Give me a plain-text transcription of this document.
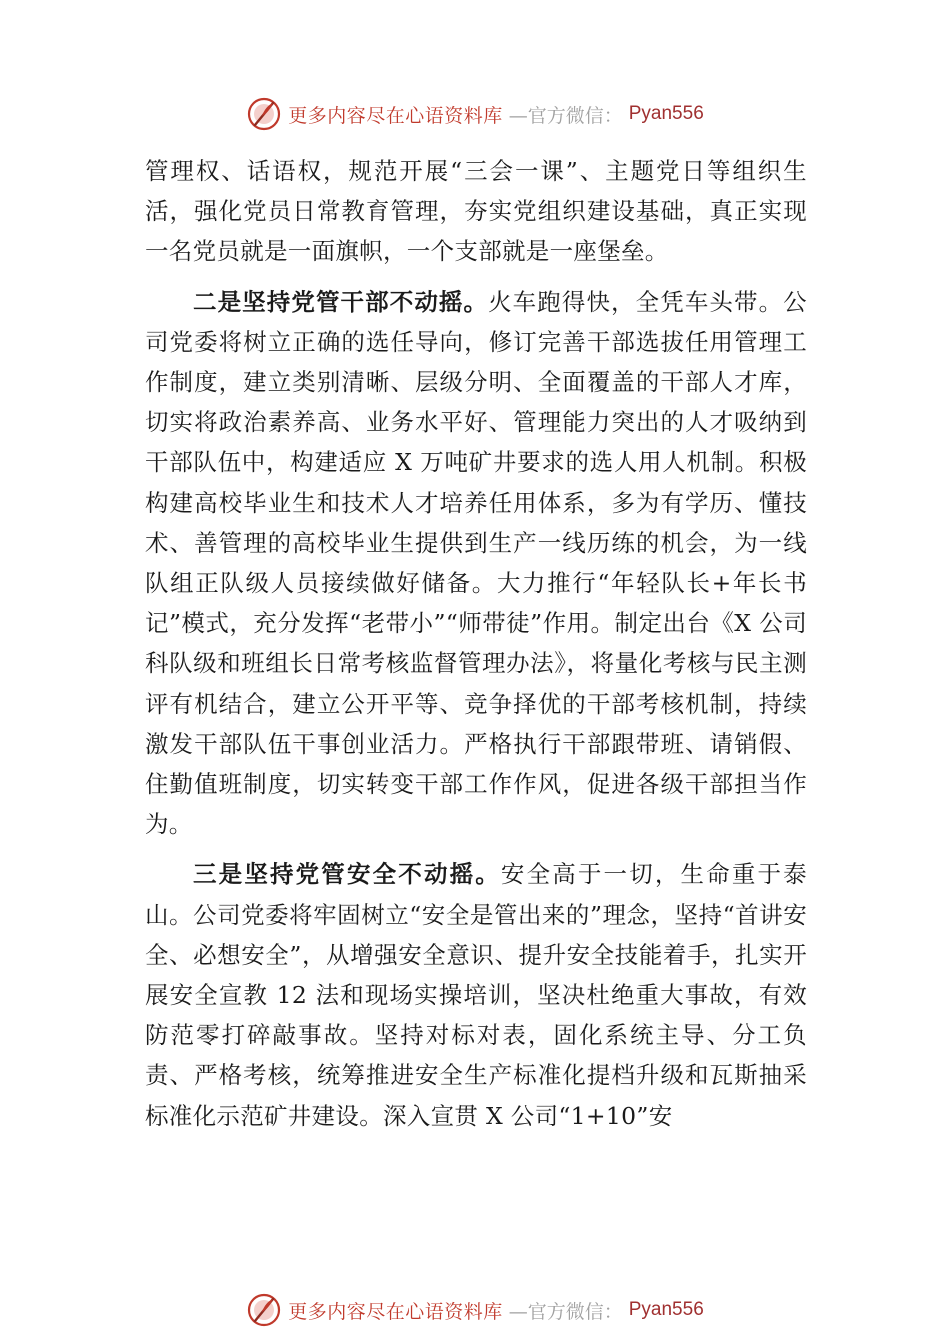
更多内容尽在心语资料库 —官方微信： Pyan556

管理权、话语权，规范开展“三会一课”、主题党日等组织生活，强化党员日常教育管理，夯实党组织建设基础，真正实现一名党员就是一面旗帜，一个支部就是一座堡垒。

二是坚持党管干部不动摇。火车跑得快，全凭车头带。公司党委将树立正确的选任导向，修订完善干部选拔任用管理工作制度，建立类别清晰、层级分明、全面覆盖的干部人才库，切实将政治素养高、业务水平好、管理能力突出的人才吸纳到干部队伍中，构建适应 X 万吨矿井要求的选人用人机制。积极构建高校毕业生和技术人才培养任用体系，多为有学历、懂技术、善管理的高校毕业生提供到生产一线历练的机会，为一线队组正队级人员接续做好储备。大力推行“年轻队长+年长书记”模式，充分发挥“老带小”“师带徒”作用。制定出台《X 公司科队级和班组长日常考核监督管理办法》，将量化考核与民主测评有机结合，建立公开平等、竞争择优的干部考核机制，持续激发干部队伍干事创业活力。严格执行干部跟带班、请销假、住勤值班制度，切实转变干部工作作风，促进各级干部担当作为。

三是坚持党管安全不动摇。安全高于一切，生命重于泰山。公司党委将牢固树立“安全是管出来的”理念，坚持“首讲安全、必想安全”，从增强安全意识、提升安全技能着手，扎实开展安全宣教 12 法和现场实操培训，坚决杜绝重大事故，有效防范零打碎敲事故。坚持对标对表，固化系统主导、分工负责、严格考核，统筹推进安全生产标准化提档升级和瓦斯抽采标准化示范矿井建设。深入宣贯 X 公司“1+10”安

更多内容尽在心语资料库 —官方微信： Pyan556
